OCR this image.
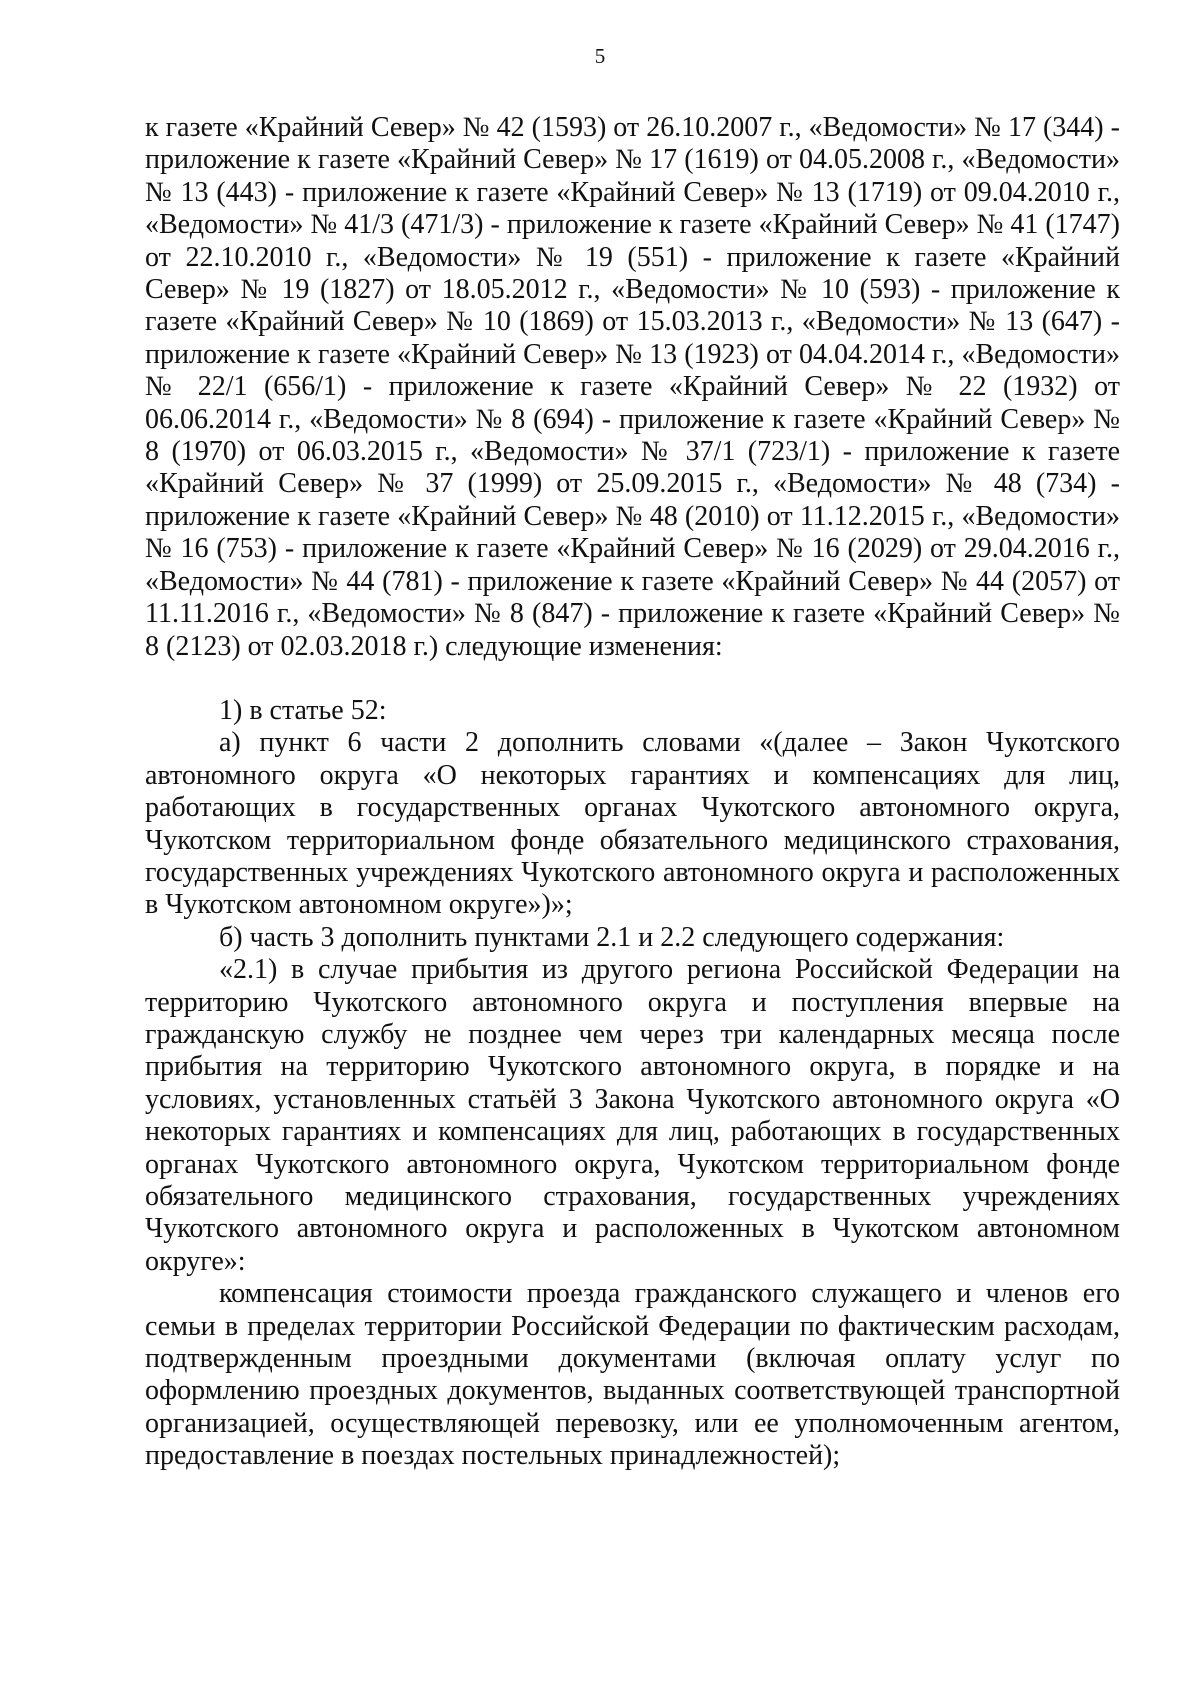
5

к газете «Крайний Север» № 42 (1593) от 26.10.2007 г., «Ведомости» № 17 (344) - приложение к газете «Крайний Север» № 17 (1619) от 04.05.2008 г., «Ведомости» № 13 (443) - приложение к газете «Крайний Север» № 13 (1719) от 09.04.2010 г., «Ведомости» № 41/3 (471/3) - приложение к газете «Крайний Север» № 41 (1747) от 22.10.2010 г., «Ведомости» № 19 (551) - приложение к газете «Крайний Север» № 19 (1827) от 18.05.2012 г., «Ведомости» № 10 (593) - приложение к газете «Крайний Север» № 10 (1869) от 15.03.2013 г., «Ведомости» № 13 (647) - приложение к газете «Крайний Север» № 13 (1923) от 04.04.2014 г., «Ведомости» № 22/1 (656/1) - приложение к газете «Крайний Север» № 22 (1932) от 06.06.2014 г., «Ведомости» № 8 (694) - приложение к газете «Крайний Север» № 8 (1970) от 06.03.2015 г., «Ведомости» № 37/1 (723/1) - приложение к газете «Крайний Север» № 37 (1999) от 25.09.2015 г., «Ведомости» № 48 (734) - приложение к газете «Крайний Север» № 48 (2010) от 11.12.2015 г., «Ведомости» № 16 (753) - приложение к газете «Крайний Север» № 16 (2029) от 29.04.2016 г., «Ведомости» № 44 (781) - приложение к газете «Крайний Север» № 44 (2057) от 11.11.2016 г., «Ведомости» № 8 (847) - приложение к газете «Крайний Север» № 8 (2123) от 02.03.2018 г.) следующие изменения:

1) в статье 52:

а) пункт 6 части 2 дополнить словами «(далее – Закон Чукотского автономного округа «О некоторых гарантиях и компенсациях для лиц, работающих в государственных органах Чукотского автономного округа, Чукотском территориальном фонде обязательного медицинского страхования, государственных учреждениях Чукотского автономного округа и расположенных в Чукотском автономном округе»)»;

б) часть 3 дополнить пунктами 2.1 и 2.2 следующего содержания:

«2.1) в случае прибытия из другого региона Российской Федерации на территорию Чукотского автономного округа и поступления впервые на гражданскую службу не позднее чем через три календарных месяца после прибытия на территорию Чукотского автономного округа, в порядке и на условиях, установленных статьёй 3 Закона Чукотского автономного округа «О некоторых гарантиях и компенсациях для лиц, работающих в государственных органах Чукотского автономного округа, Чукотском территориальном фонде обязательного медицинского страхования, государственных учреждениях Чукотского автономного округа и расположенных в Чукотском автономном округе»:

компенсация стоимости проезда гражданского служащего и членов его семьи в пределах территории Российской Федерации по фактическим расходам, подтвержденным проездными документами (включая оплату услуг по оформлению проездных документов, выданных соответствующей транспортной организацией, осуществляющей перевозку, или ее уполномоченным агентом, предоставление в поездах постельных принадлежностей);
